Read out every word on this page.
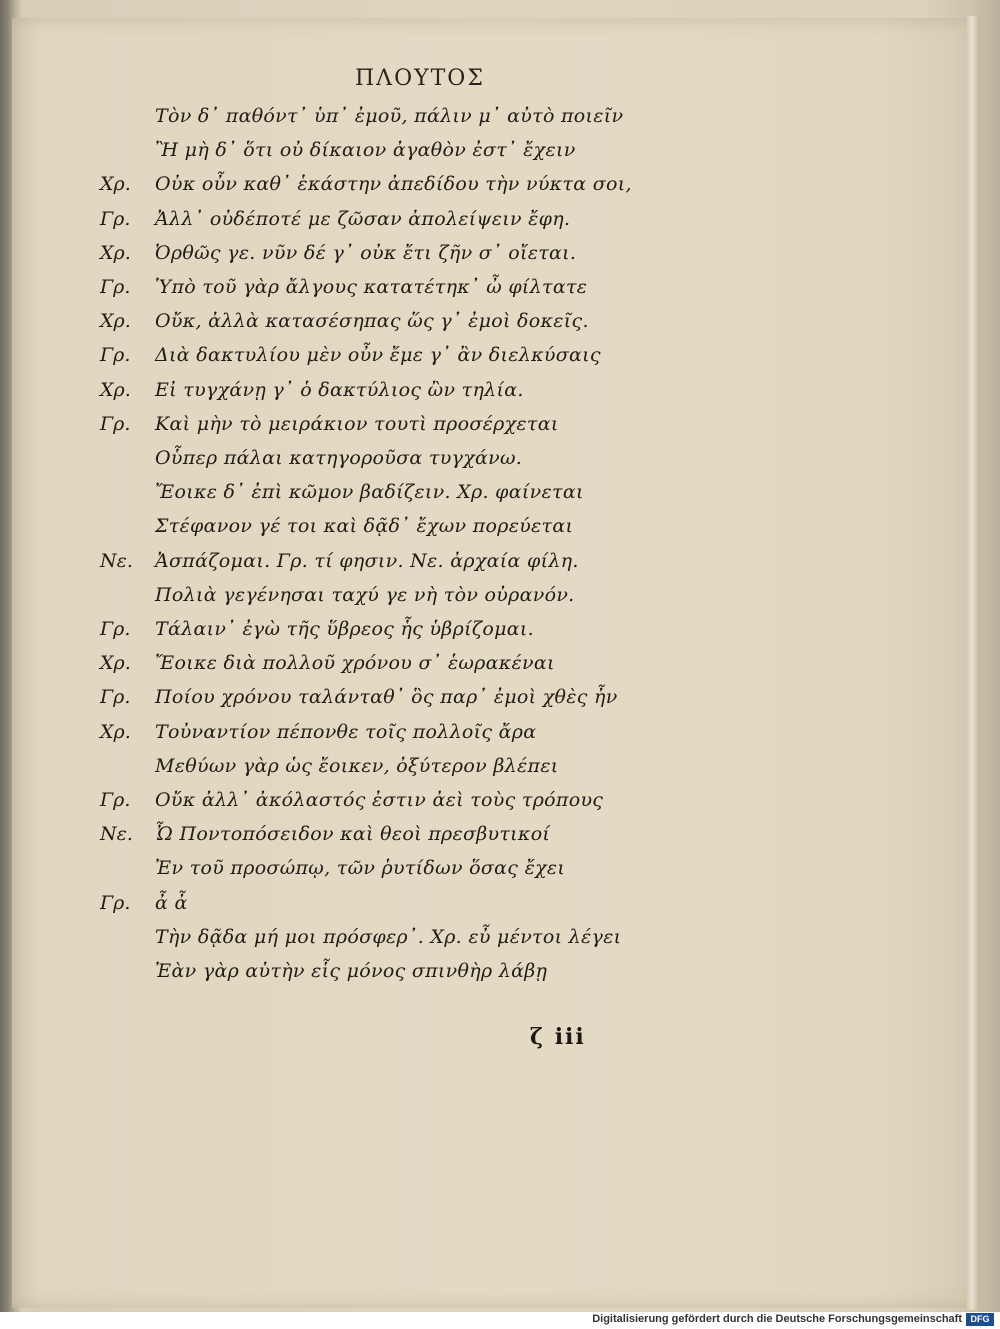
ΠΛΟΥΤΟΣ
Τὸν δ᾽ παθόντ᾽ ὑπ᾽ ἐμοῦ, πάλιν μ᾽ αὐτὸ ποιεῖν
Ἢ μὴ δ᾽ ὅτι οὐ δίκαιον ἀγαθὸν ἐστ᾽ ἔχειν
Χρ.	Οὐκ οὖν καθ᾽ ἑκάστην ἀπεδίδου τὴν νύκτα σοι,
Γρ.	Ἀλλ᾽ οὐδέποτέ με ζῶσαν ἀπολείψειν ἔφη.
Χρ.	Ὀρθῶς γε. νῦν δέ γ᾽ οὐκ ἔτι ζῆν σ᾽ οἴεται.
Γρ.	Ὑπὸ τοῦ γὰρ ἄλγους κατατέτηκ᾽ ὦ φίλτατε
Χρ.	Οὔκ, ἀλλὰ κατασέσηπας ὥς γ᾽ ἐμοὶ δοκεῖς.
Γρ.	Διὰ δακτυλίου μὲν οὖν ἔμε γ᾽ ἂν διελκύσαις
Χρ.	Εἰ τυγχάνῃ γ᾽ ὁ δακτύλιος ὢν τηλία.
Γρ.	Καὶ μὴν τὸ μειράκιον τουτὶ προσέρχεται
Οὗπερ πάλαι κατηγοροῦσα τυγχάνω.
Ἔοικε δ᾽ ἐπὶ κῶμον βαδίζειν. Χρ. φαίνεται
Στέφανον γέ τοι καὶ δᾷδ᾽ ἔχων πορεύεται
Νε.	Ἀσπάζομαι. Γρ. τί φησιν. Νε. ἀρχαία φίλη.
Πολιὰ γεγένησαι ταχύ γε νὴ τὸν οὐρανόν.
Γρ.	Τάλαιν᾽ ἐγὼ τῆς ὕβρεος ἧς ὑβρίζομαι.
Χρ.	Ἔοικε διὰ πολλοῦ χρόνου σ᾽ ἑωρακέναι
Γρ.	Ποίου χρόνου ταλάνταθ᾽ ὃς παρ᾽ ἐμοὶ χθὲς ἦν
Χρ.	Τοὐναντίον πέπονθε τοῖς πολλοῖς ἄρα
Μεθύων γὰρ ὡς ἔοικεν, ὀξύτερον βλέπει
Γρ.	Οὔκ ἀλλ᾽ ἀκόλαστός ἐστιν ἀεὶ τοὺς τρόπους
Νε.	Ὦ Ποντοπόσειδον καὶ θεοὶ πρεσβυτικοί
Ἐν τοῦ προσώπῳ, τῶν ῥυτίδων ὅσας ἔχει
Γρ.	ἆ ἆ
Τὴν δᾷδα μή μοι πρόσφερ᾽. Χρ. εὖ μέντοι λέγει
Ἐὰν γὰρ αὐτὴν εἷς μόνος σπινθὴρ λάβῃ
ζ iii
Digitalisierung gefördert durch die Deutsche Forschungsgemeinschaft DFG
